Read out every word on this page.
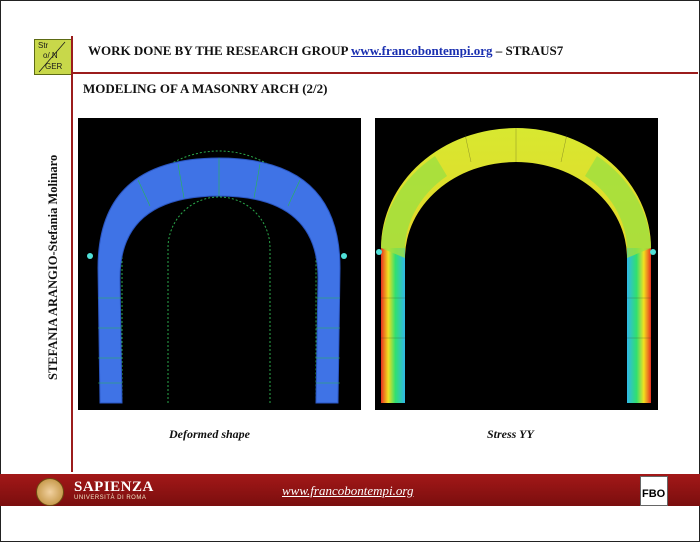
Str
o/ N
GER
WORK DONE BY THE RESEARCH GROUP www.francobontempi.org – STRAUS7
MODELING OF A MASONRY ARCH (2/2)
STEFANIA ARANGIO-Stefania Molinaro
Deformed shape	Stress YY
SAPIENZA
UNIVERSITÀ DI ROMA	www.francobontempi.org	FBO
